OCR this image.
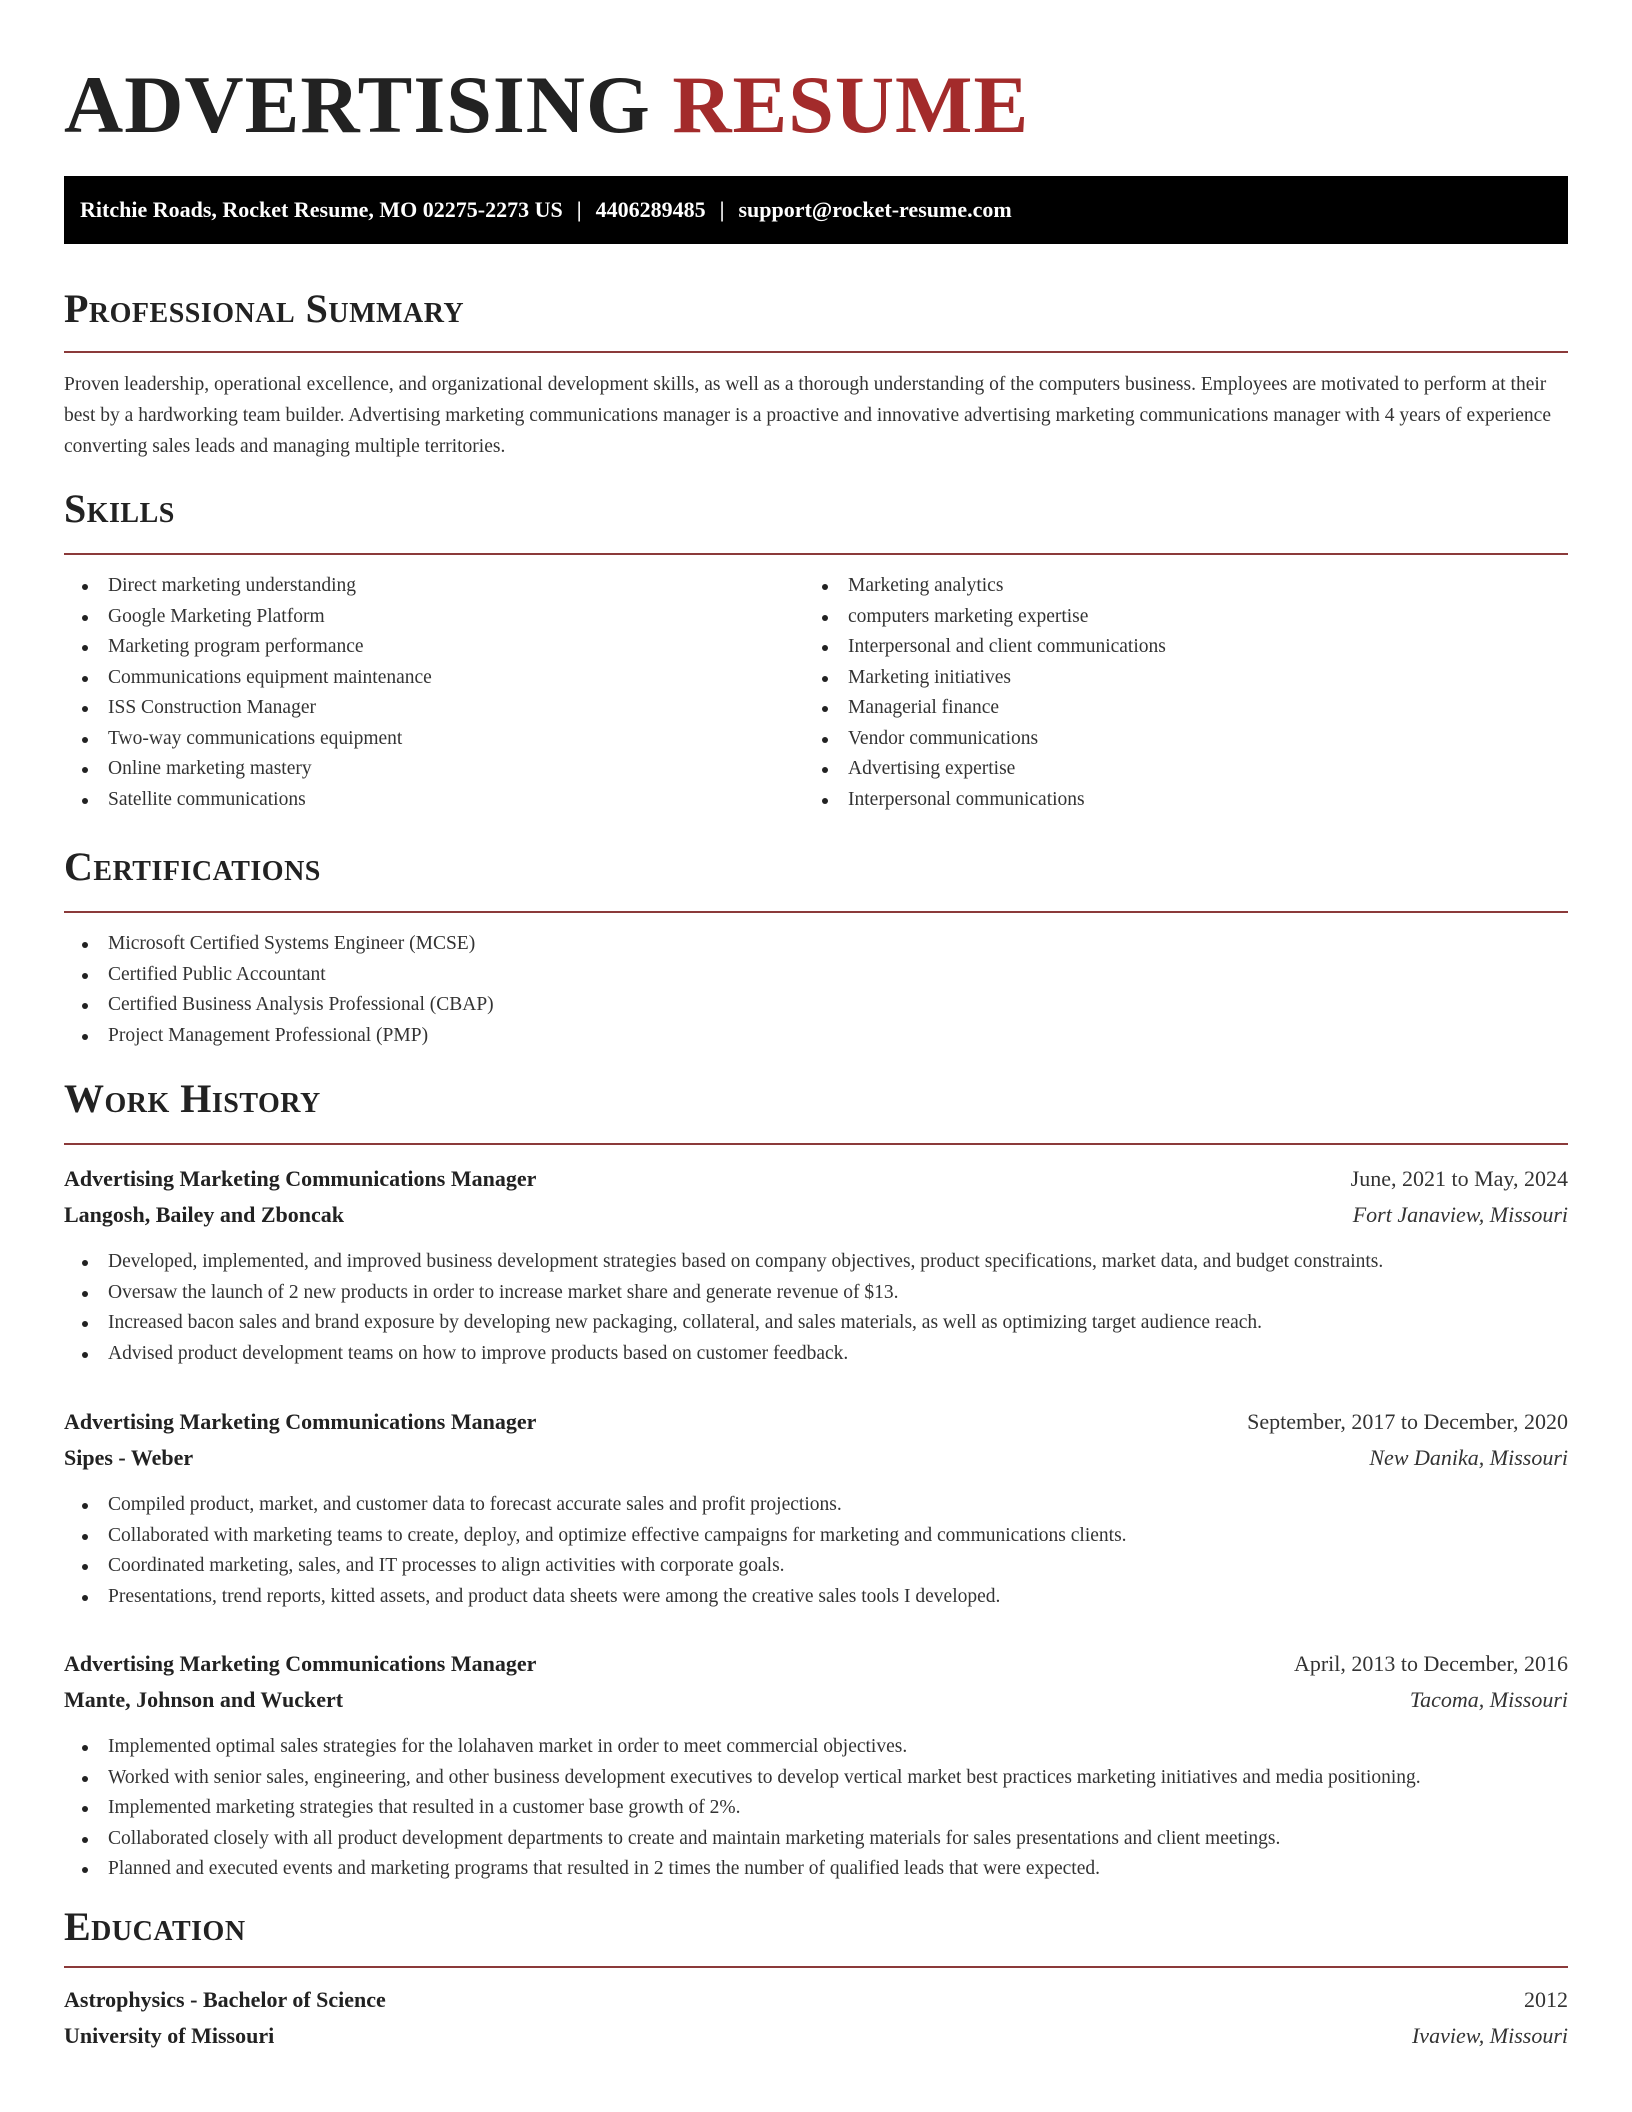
ADVERTISING RESUME
Ritchie Roads, Rocket Resume, MO 02275-2273 US | 4406289485 | support@rocket-resume.com
Professional Summary

Proven leadership, operational excellence, and organizational development skills, as well as a thorough understanding of the computers business. Employees are motivated to perform at their best by a hardworking team builder. Advertising marketing communications manager is a proactive and innovative advertising marketing communications manager with 4 years of experience converting sales leads and managing multiple territories.

Skills
Direct marketing understanding
Google Marketing Platform
Marketing program performance
Communications equipment maintenance
ISS Construction Manager
Two-way communications equipment
Online marketing mastery
Satellite communications
Marketing analytics
computers marketing expertise
Interpersonal and client communications
Marketing initiatives
Managerial finance
Vendor communications
Advertising expertise
Interpersonal communications
Certifications
Microsoft Certified Systems Engineer (MCSE)
Certified Public Accountant
Certified Business Analysis Professional (CBAP)
Project Management Professional (PMP)
Work History
Advertising Marketing Communications Manager	June, 2021 to May, 2024
Langosh, Bailey and Zboncak	Fort Janaview, Missouri
Developed, implemented, and improved business development strategies based on company objectives, product specifications, market data, and budget constraints.
Oversaw the launch of 2 new products in order to increase market share and generate revenue of $13.
Increased bacon sales and brand exposure by developing new packaging, collateral, and sales materials, as well as optimizing target audience reach.
Advised product development teams on how to improve products based on customer feedback.
Advertising Marketing Communications Manager	September, 2017 to December, 2020
Sipes - Weber	New Danika, Missouri
Compiled product, market, and customer data to forecast accurate sales and profit projections.
Collaborated with marketing teams to create, deploy, and optimize effective campaigns for marketing and communications clients.
Coordinated marketing, sales, and IT processes to align activities with corporate goals.
Presentations, trend reports, kitted assets, and product data sheets were among the creative sales tools I developed.
Advertising Marketing Communications Manager	April, 2013 to December, 2016
Mante, Johnson and Wuckert	Tacoma, Missouri
Implemented optimal sales strategies for the lolahaven market in order to meet commercial objectives.
Worked with senior sales, engineering, and other business development executives to develop vertical market best practices marketing initiatives and media positioning.
Implemented marketing strategies that resulted in a customer base growth of 2%.
Collaborated closely with all product development departments to create and maintain marketing materials for sales presentations and client meetings.
Planned and executed events and marketing programs that resulted in 2 times the number of qualified leads that were expected.
Education
Astrophysics - Bachelor of Science	2012
University of Missouri	Ivaview, Missouri
